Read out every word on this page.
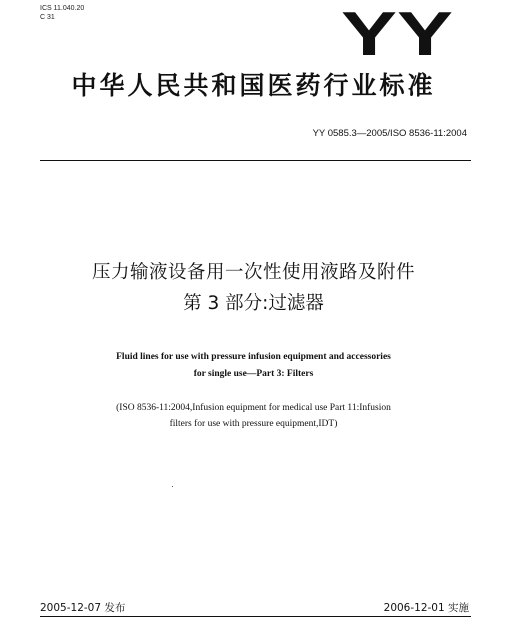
ICS 11.040.20
C 31	YY
中华人民共和国医药行业标准
YY 0585.3—2005/ISO 8536-11:2004
压力输液设备用一次性使用液路及附件
第 3 部分:过滤器
Fluid lines for use with pressure infusion equipment and accessories
for single use—Part 3: Filters
(ISO 8536-11:2004,Infusion equipment for medical use Part 11:Infusion
filters for use with pressure equipment,IDT)
2005-12-07 发布	2006-12-01 实施
